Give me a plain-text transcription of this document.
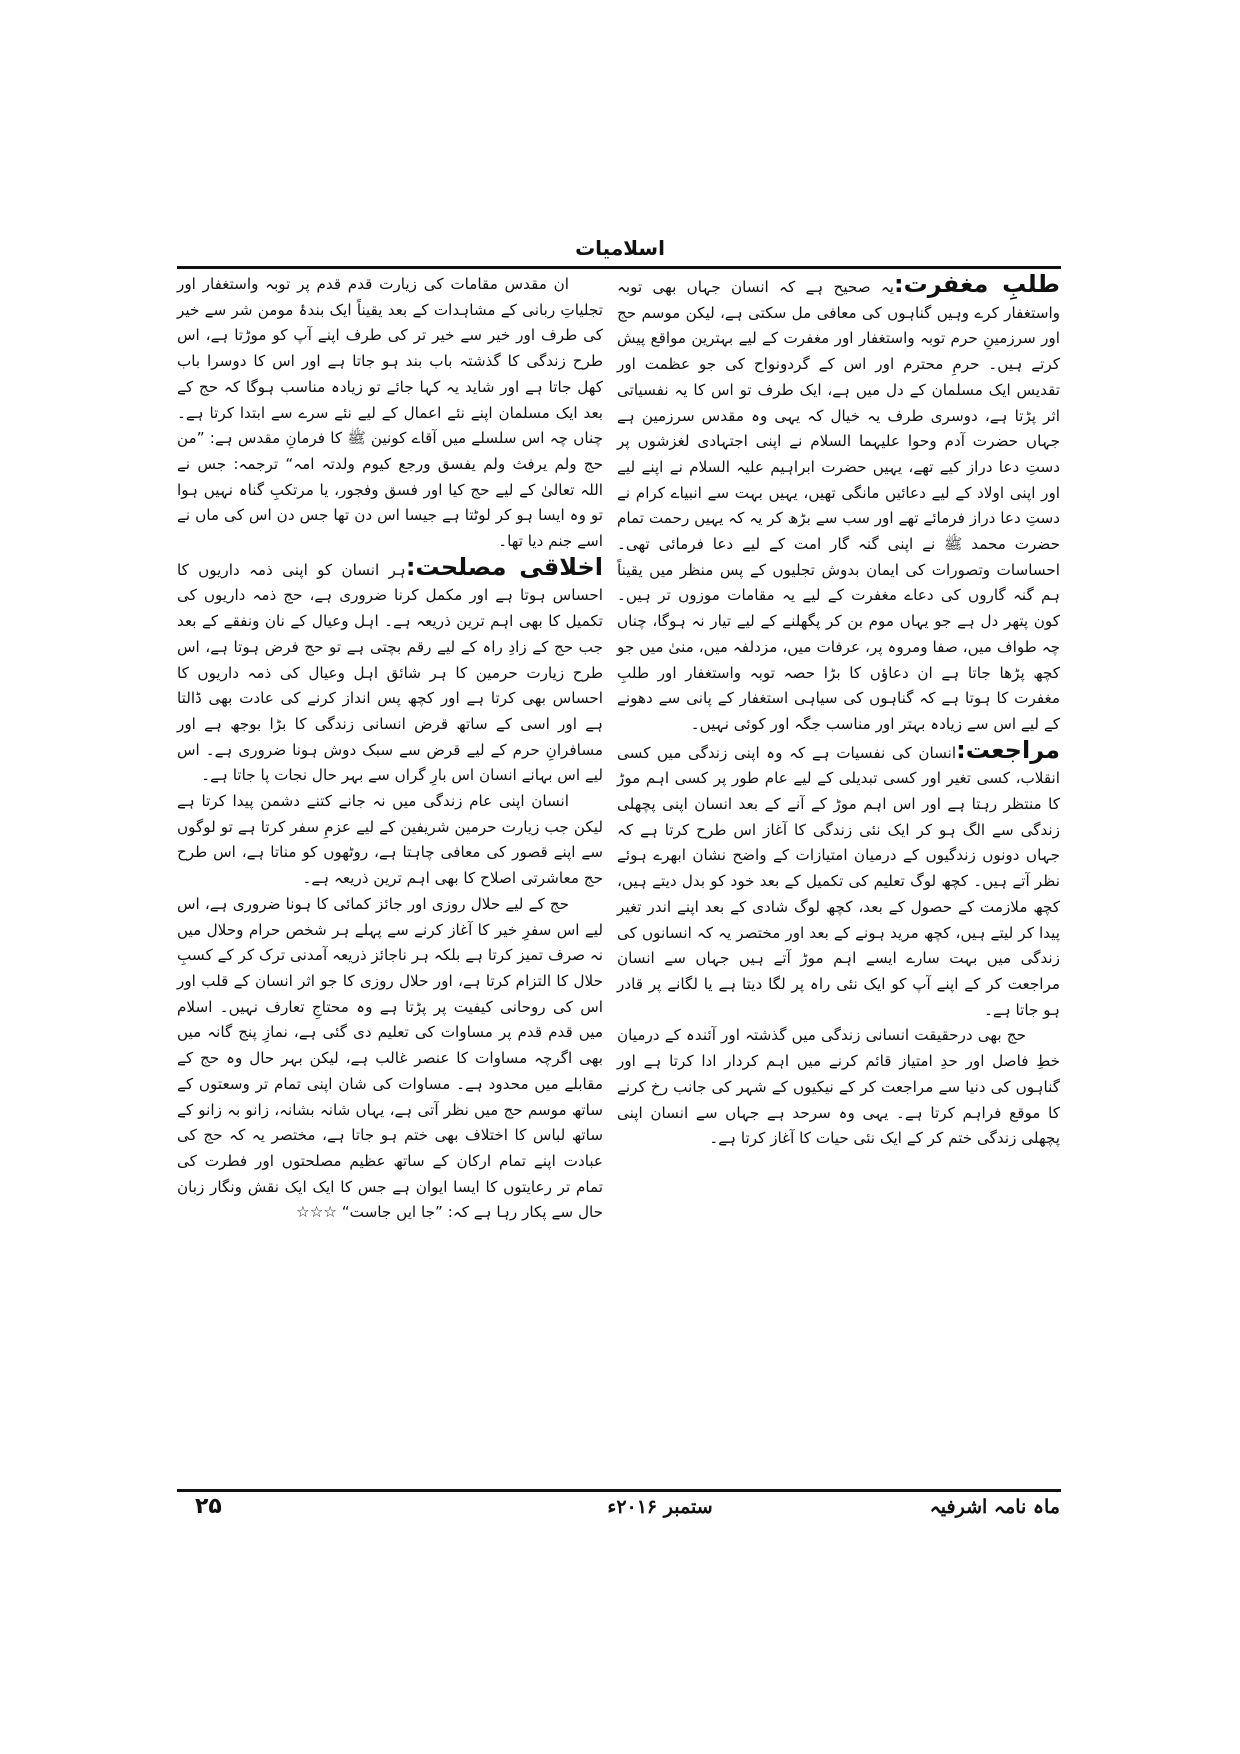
اسلامیات

طلبِ مغفرت:یہ صحیح ہے کہ انسان جہاں بھی توبہ واستغفار کرے وہیں گناہوں کی معافی مل سکتی ہے، لیکن موسم حج اور سرزمینِ حرم توبہ واستغفار اور مغفرت کے لیے بہترین مواقع پیش کرتے ہیں۔ حرمِ محترم اور اس کے گردونواح کی جو عظمت اور تقدیس ایک مسلمان کے دل میں ہے، ایک طرف تو اس کا یہ نفسیاتی اثر پڑتا ہے، دوسری طرف یہ خیال کہ یہی وہ مقدس سرزمین ہے جہاں حضرت آدم وحوا علیہما السلام نے اپنی اجتہادی لغزشوں پر دستِ دعا دراز کیے تھے، یہیں حضرت ابراہیم علیہ السلام نے اپنے لیے اور اپنی اولاد کے لیے دعائیں مانگی تھیں، یہیں بہت سے انبیاے کرام نے دستِ دعا دراز فرمائے تھے اور سب سے بڑھ کر یہ کہ یہیں رحمت تمام حضرت محمد ﷺ نے اپنی گنہ گار امت کے لیے دعا فرمائی تھی۔ احساسات وتصورات کی ایمان بدوش تجلیوں کے پس منظر میں یقیناً ہم گنہ گاروں کی دعاے مغفرت کے لیے یہ مقامات موزوں تر ہیں۔ کون پتھر دل ہے جو یہاں موم بن کر پگھلنے کے لیے تیار نہ ہوگا، چناں چہ طواف میں، صفا ومروہ پر، عرفات میں، مزدلفہ میں، منیٰ میں جو کچھ پڑھا جاتا ہے ان دعاؤں کا بڑا حصہ توبہ واستغفار اور طلبِ مغفرت کا ہوتا ہے کہ گناہوں کی سیاہی استغفار کے پانی سے دھونے کے لیے اس سے زیادہ بہتر اور مناسب جگہ اور کوئی نہیں۔

مراجعت:انسان کی نفسیات ہے کہ وہ اپنی زندگی میں کسی انقلاب، کسی تغیر اور کسی تبدیلی کے لیے عام طور پر کسی اہم موڑ کا منتظر رہتا ہے اور اس اہم موڑ کے آنے کے بعد انسان اپنی پچھلی زندگی سے الگ ہو کر ایک نئی زندگی کا آغاز اس طرح کرتا ہے کہ جہاں دونوں زندگیوں کے درمیان امتیازات کے واضح نشان ابھرے ہوئے نظر آتے ہیں۔ کچھ لوگ تعلیم کی تکمیل کے بعد خود کو بدل دیتے ہیں، کچھ ملازمت کے حصول کے بعد، کچھ لوگ شادی کے بعد اپنے اندر تغیر پیدا کر لیتے ہیں، کچھ مرید ہونے کے بعد اور مختصر یہ کہ انسانوں کی زندگی میں بہت سارے ایسے اہم موڑ آتے ہیں جہاں سے انسان مراجعت کر کے اپنے آپ کو ایک نئی راہ پر لگا دیتا ہے یا لگانے پر قادر ہو جاتا ہے۔

حج بھی درحقیقت انسانی زندگی میں گذشتہ اور آئندہ کے درمیان خطِ فاصل اور حدِ امتیاز قائم کرنے میں اہم کردار ادا کرتا ہے اور گناہوں کی دنیا سے مراجعت کر کے نیکیوں کے شہر کی جانب رخ کرنے کا موقع فراہم کرتا ہے۔ یہی وہ سرحد ہے جہاں سے انسان اپنی پچھلی زندگی ختم کر کے ایک نئی حیات کا آغاز کرتا ہے۔

ان مقدس مقامات کی زیارت قدم قدم پر توبہ واستغفار اور تجلیاتِ ربانی کے مشاہدات کے بعد یقیناً ایک بندۂ مومن شر سے خیر کی طرف اور خیر سے خیر تر کی طرف اپنے آپ کو موڑتا ہے، اس طرح زندگی کا گذشتہ باب بند ہو جاتا ہے اور اس کا دوسرا باب کھل جاتا ہے اور شاید یہ کہا جائے تو زیادہ مناسب ہوگا کہ حج کے بعد ایک مسلمان اپنے نئے اعمال کے لیے نئے سرے سے ابتدا کرتا ہے۔ چناں چہ اس سلسلے میں آقاے کونین ﷺ کا فرمانِ مقدس ہے: ”من حج ولم یرفث ولم یفسق ورجع کیوم ولدتہ امہ“ ترجمہ: جس نے اللہ تعالیٰ کے لیے حج کیا اور فسق وفجور، یا مرتکبِ گناہ نہیں ہوا تو وہ ایسا ہو کر لوٹتا ہے جیسا اس دن تھا جس دن اس کی ماں نے اسے جنم دیا تھا۔

اخلاقی مصلحت:ہر انسان کو اپنی ذمہ داریوں کا احساس ہوتا ہے اور مکمل کرنا ضروری ہے، حج ذمہ داریوں کی تکمیل کا بھی اہم ترین ذریعہ ہے۔ اہل وعیال کے نان ونفقے کے بعد جب حج کے زادِ راہ کے لیے رقم بچتی ہے تو حج فرض ہوتا ہے، اس طرح زیارت حرمین کا ہر شائق اہل وعیال کی ذمہ داریوں کا احساس بھی کرتا ہے اور کچھ پس انداز کرنے کی عادت بھی ڈالتا ہے اور اسی کے ساتھ قرض انسانی زندگی کا بڑا بوجھ ہے اور مسافرانِ حرم کے لیے قرض سے سبک دوش ہونا ضروری ہے۔ اس لیے اس بہانے انسان اس بارِ گراں سے بہر حال نجات پا جاتا ہے۔

انسان اپنی عام زندگی میں نہ جانے کتنے دشمن پیدا کرتا ہے لیکن جب زیارت حرمین شریفین کے لیے عزمِ سفر کرتا ہے تو لوگوں سے اپنے قصور کی معافی چاہتا ہے، روٹھوں کو مناتا ہے، اس طرح حج معاشرتی اصلاح کا بھی اہم ترین ذریعہ ہے۔

حج کے لیے حلال روزی اور جائز کمائی کا ہونا ضروری ہے، اس لیے اس سفرِ خیر کا آغاز کرنے سے پہلے ہر شخص حرام وحلال میں نہ صرف تمیز کرتا ہے بلکہ ہر ناجائز ذریعہ آمدنی ترک کر کے کسبِ حلال کا التزام کرتا ہے، اور حلال روزی کا جو اثر انسان کے قلب اور اس کی روحانی کیفیت پر پڑتا ہے وہ محتاجِ تعارف نہیں۔ اسلام میں قدم قدم پر مساوات کی تعلیم دی گئی ہے، نمازِ پنج گانہ میں بھی اگرچہ مساوات کا عنصر غالب ہے، لیکن بہر حال وہ حج کے مقابلے میں محدود ہے۔ مساوات کی شان اپنی تمام تر وسعتوں کے ساتھ موسم حج میں نظر آتی ہے، یہاں شانہ بشانہ، زانو بہ زانو کے ساتھ لباس کا اختلاف بھی ختم ہو جاتا ہے، مختصر یہ کہ حج کی عبادت اپنے تمام ارکان کے ساتھ عظیم مصلحتوں اور فطرت کی تمام تر رعایتوں کا ایسا ایوان ہے جس کا ایک ایک نقش ونگار زبان حال سے پکار رہا ہے کہ: ”جا ایں جاست“ ☆☆☆

ماہ نامہ اشرفیہ
ستمبر ۲۰۱۶ء
۲۵
